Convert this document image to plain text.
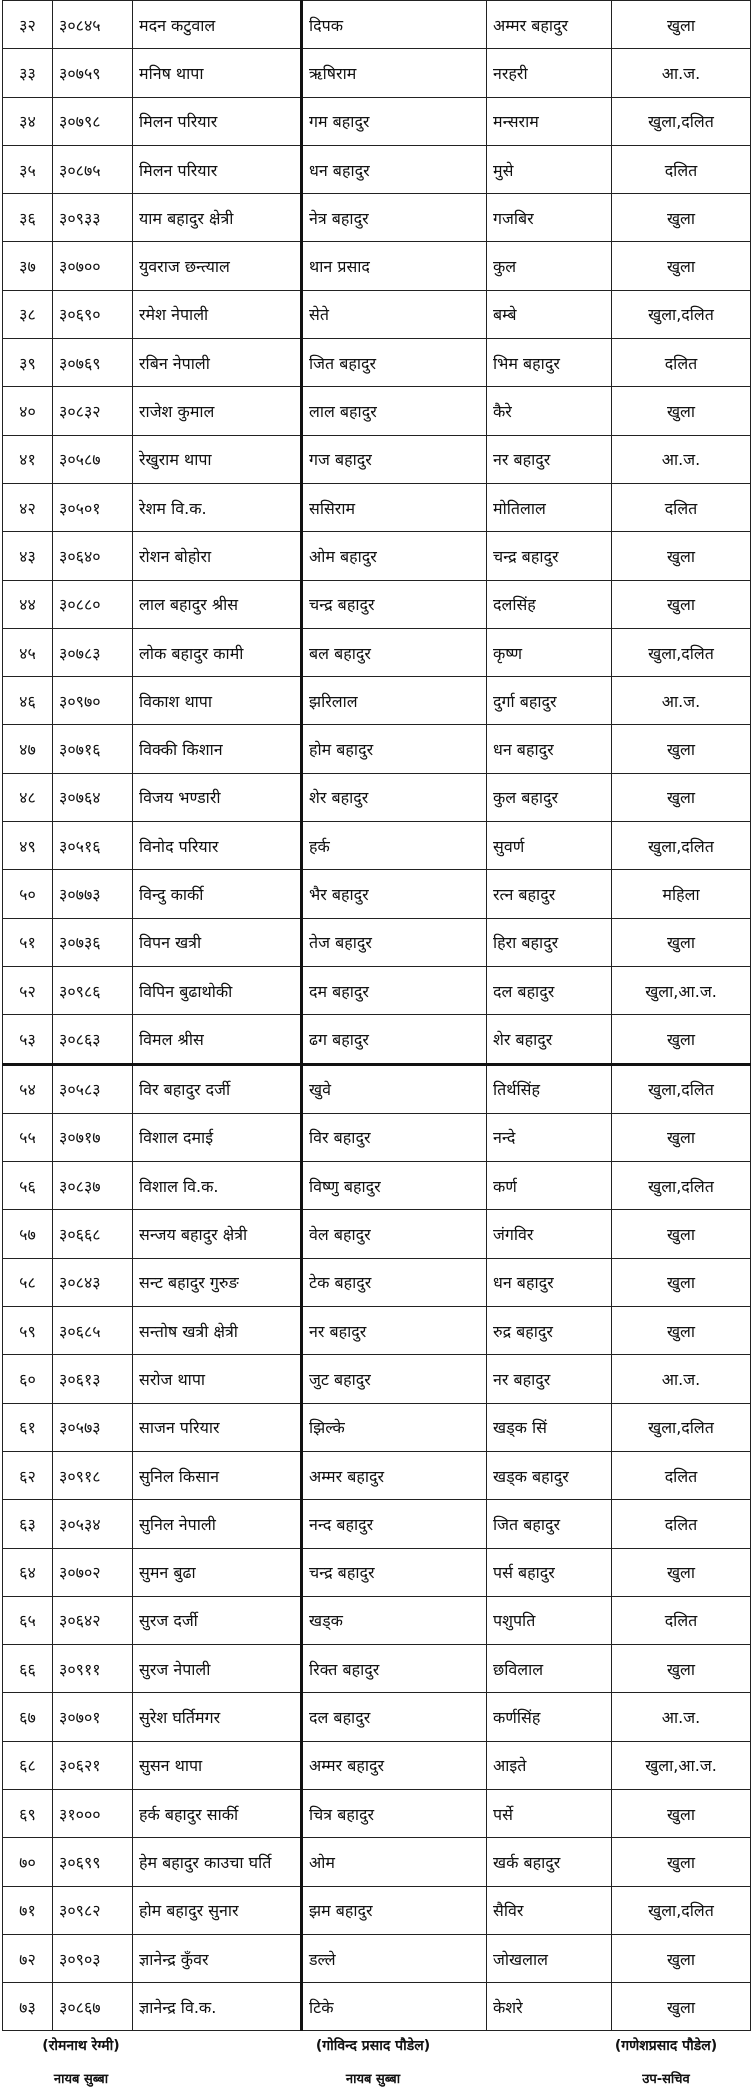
३२	३०८४५	मदन कटुवाल	दिपक	अम्मर बहादुर	खुला
३३	३०७५९	मनिष थापा	ऋषिराम	नरहरी	आ.ज.
३४	३०७९८	मिलन परियार	गम बहादुर	मन्सराम	खुला,दलित
३५	३०८७५	मिलन परियार	धन बहादुर	मुसे	दलित
३६	३०९३३	याम बहादुर क्षेत्री	नेत्र बहादुर	गजबिर	खुला
३७	३०७००	युवराज छन्त्याल	थान प्रसाद	कुल	खुला
३८	३०६९०	रमेश नेपाली	सेते	बम्बे	खुला,दलित
३९	३०७६९	रबिन नेपाली	जित बहादुर	भिम बहादुर	दलित
४०	३०८३२	राजेश कुमाल	लाल बहादुर	कैरे	खुला
४१	३०५८७	रेखुराम थापा	गज बहादुर	नर बहादुर	आ.ज.
४२	३०५०१	रेशम वि.क.	ससिराम	मोतिलाल	दलित
४३	३०६४०	रोशन बोहोरा	ओम बहादुर	चन्द्र बहादुर	खुला
४४	३०८८०	लाल बहादुर श्रीस	चन्द्र बहादुर	दलसिंह	खुला
४५	३०७८३	लोक बहादुर कामी	बल बहादुर	कृष्ण	खुला,दलित
४६	३०९७०	विकाश थापा	झरिलाल	दुर्गा बहादुर	आ.ज.
४७	३०७१६	विक्की किशान	होम बहादुर	धन बहादुर	खुला
४८	३०७६४	विजय भण्डारी	शेर बहादुर	कुल बहादुर	खुला
४९	३०५१६	विनोद परियार	हर्क	सुवर्ण	खुला,दलित
५०	३०७७३	विन्दु कार्की	भैर बहादुर	रत्न बहादुर	महिला
५१	३०७३६	विपन खत्री	तेज बहादुर	हिरा बहादुर	खुला
५२	३०९८६	विपिन बुढाथोकी	दम बहादुर	दल बहादुर	खुला,आ.ज.
५३	३०८६३	विमल श्रीस	ढग बहादुर	शेर बहादुर	खुला
५४	३०५८३	विर बहादुर दर्जी	खुवे	तिर्थसिंह	खुला,दलित
५५	३०७१७	विशाल दमाई	विर बहादुर	नन्दे	खुला
५६	३०८३७	विशाल वि.क.	विष्णु बहादुर	कर्ण	खुला,दलित
५७	३०६६८	सन्जय बहादुर क्षेत्री	वेल बहादुर	जंगविर	खुला
५८	३०८४३	सन्ट बहादुर गुरुङ	टेक बहादुर	धन बहादुर	खुला
५९	३०६८५	सन्तोष खत्री क्षेत्री	नर बहादुर	रुद्र बहादुर	खुला
६०	३०६१३	सरोज थापा	जुट बहादुर	नर बहादुर	आ.ज.
६१	३०५७३	साजन परियार	झिल्के	खड्क सिं	खुला,दलित
६२	३०९१८	सुनिल किसान	अम्मर बहादुर	खड्क बहादुर	दलित
६३	३०५३४	सुनिल नेपाली	नन्द बहादुर	जित बहादुर	दलित
६४	३०७०२	सुमन बुढा	चन्द्र बहादुर	पर्स बहादुर	खुला
६५	३०६४२	सुरज दर्जी	खड्क	पशुपति	दलित
६६	३०९११	सुरज नेपाली	रिक्त बहादुर	छविलाल	खुला
६७	३०७०१	सुरेश घर्तिमगर	दल बहादुर	कर्णसिंह	आ.ज.
६८	३०६२१	सुसन थापा	अम्मर बहादुर	आइते	खुला,आ.ज.
६९	३१०००	हर्क बहादुर सार्की	चित्र बहादुर	पर्से	खुला
७०	३०६९९	हेम बहादुर काउचा घर्ति	ओम	खर्क बहादुर	खुला
७१	३०९८२	होम बहादुर सुनार	झम बहादुर	सैविर	खुला,दलित
७२	३०९०३	ज्ञानेन्द्र कुँवर	डल्ले	जोखलाल	खुला
७३	३०८६७	ज्ञानेन्द्र वि.क.	टिके	केशरे	खुला
(रोमनाथ रेग्मी)
नायब सुब्बा
(गोविन्द प्रसाद पौडेल)
नायब सुब्बा
(गणेशप्रसाद पौडेल)
उप-सचिव
